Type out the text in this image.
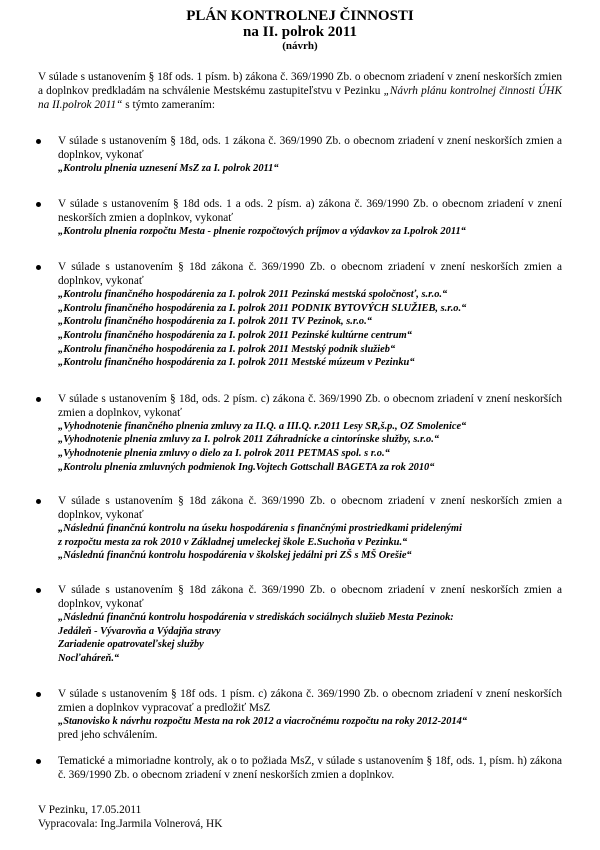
PLÁN KONTROLNEJ ČINNOSTI
na II. polrok 2011
(návrh)

V súlade s ustanovením § 18f ods. 1 písm. b) zákona č. 369/1990 Zb. o obecnom zriadení v znení neskorších zmien a doplnkov predkladám na schválenie Mestskému zastupiteľstvu v Pezinku „Návrh plánu kontrolnej činnosti ÚHK na II.polrok 2011“ s týmto zameraním:

V súlade s ustanovením § 18d, ods. 1 zákona č. 369/1990 Zb. o obecnom zriadení v znení neskorších zmien a doplnkov, vykonať
„Kontrolu plnenia uznesení MsZ za I. polrok 2011“
V súlade s ustanovením § 18d ods. 1 a ods. 2 písm. a) zákona č. 369/1990 Zb. o obecnom zriadení v znení neskorších zmien a doplnkov, vykonať
„Kontrolu plnenia rozpočtu Mesta - plnenie rozpočtových príjmov a výdavkov za I.polrok 2011“
V súlade s ustanovením § 18d zákona č. 369/1990 Zb. o obecnom zriadení v znení neskorších zmien a doplnkov, vykonať
„Kontrolu finančného hospodárenia za I. polrok 2011 Pezinská mestská spoločnosť, s.r.o.“
„Kontrolu finančného hospodárenia za I. polrok 2011 PODNIK BYTOVÝCH SLUŽIEB, s.r.o.“
„Kontrolu finančného hospodárenia za I. polrok 2011 TV Pezinok, s.r.o.“
„Kontrolu finančného hospodárenia za I. polrok 2011 Pezinské kultúrne centrum“
„Kontrolu finančného hospodárenia za I. polrok 2011 Mestský podnik služieb“
„Kontrolu finančného hospodárenia za I. polrok 2011 Mestské múzeum v Pezinku“
V súlade s ustanovením § 18d, ods. 2 písm. c) zákona č. 369/1990 Zb. o obecnom zriadení v znení neskorších zmien a doplnkov, vykonať
„Vyhodnotenie finančného plnenia zmluvy za II.Q. a III.Q. r.2011 Lesy SR,š.p., OZ Smolenice“
„Vyhodnotenie plnenia zmluvy za I. polrok 2011 Záhradnícke a cintorínske služby, s.r.o.“
„Vyhodnotenie plnenia zmluvy o dielo za I. polrok 2011 PETMAS spol. s r.o.“
„Kontrolu plnenia zmluvných podmienok Ing.Vojtech Gottschall BAGETA za rok 2010“
V súlade s ustanovením § 18d zákona č. 369/1990 Zb. o obecnom zriadení v znení neskorších zmien a doplnkov, vykonať
„Následnú finančnú kontrolu na úseku hospodárenia s finančnými prostriedkami pridelenými
z rozpočtu mesta za rok 2010 v Základnej umeleckej škole E.Suchoňa v Pezinku.“
„Následnú finančnú kontrolu hospodárenia v školskej jedálni pri ZŠ s MŠ Orešie“
V súlade s ustanovením § 18d zákona č. 369/1990 Zb. o obecnom zriadení v znení neskorších zmien a doplnkov, vykonať
„Následnú finančnú kontrolu hospodárenia v strediskách sociálnych služieb Mesta Pezinok:
Jedáleň - Vývarovňa a Výdajňa stravy
Zariadenie opatrovateľskej služby
Nocľaháreň.“
V súlade s ustanovením § 18f ods. 1 písm. c) zákona č. 369/1990 Zb. o obecnom zriadení v znení neskorších zmien a doplnkov vypracovať a predložiť MsZ
„Stanovisko k návrhu rozpočtu Mesta na rok 2012 a viacročnému rozpočtu na roky 2012-2014“
pred jeho schválením.
Tematické a mimoriadne kontroly, ak o to požiada MsZ, v súlade s ustanovením § 18f, ods. 1, písm. h) zákona č. 369/1990 Zb. o obecnom zriadení v znení neskorších zmien a doplnkov.
V Pezinku, 17.05.2011
Vypracovala: Ing.Jarmila Volnerová, HK
